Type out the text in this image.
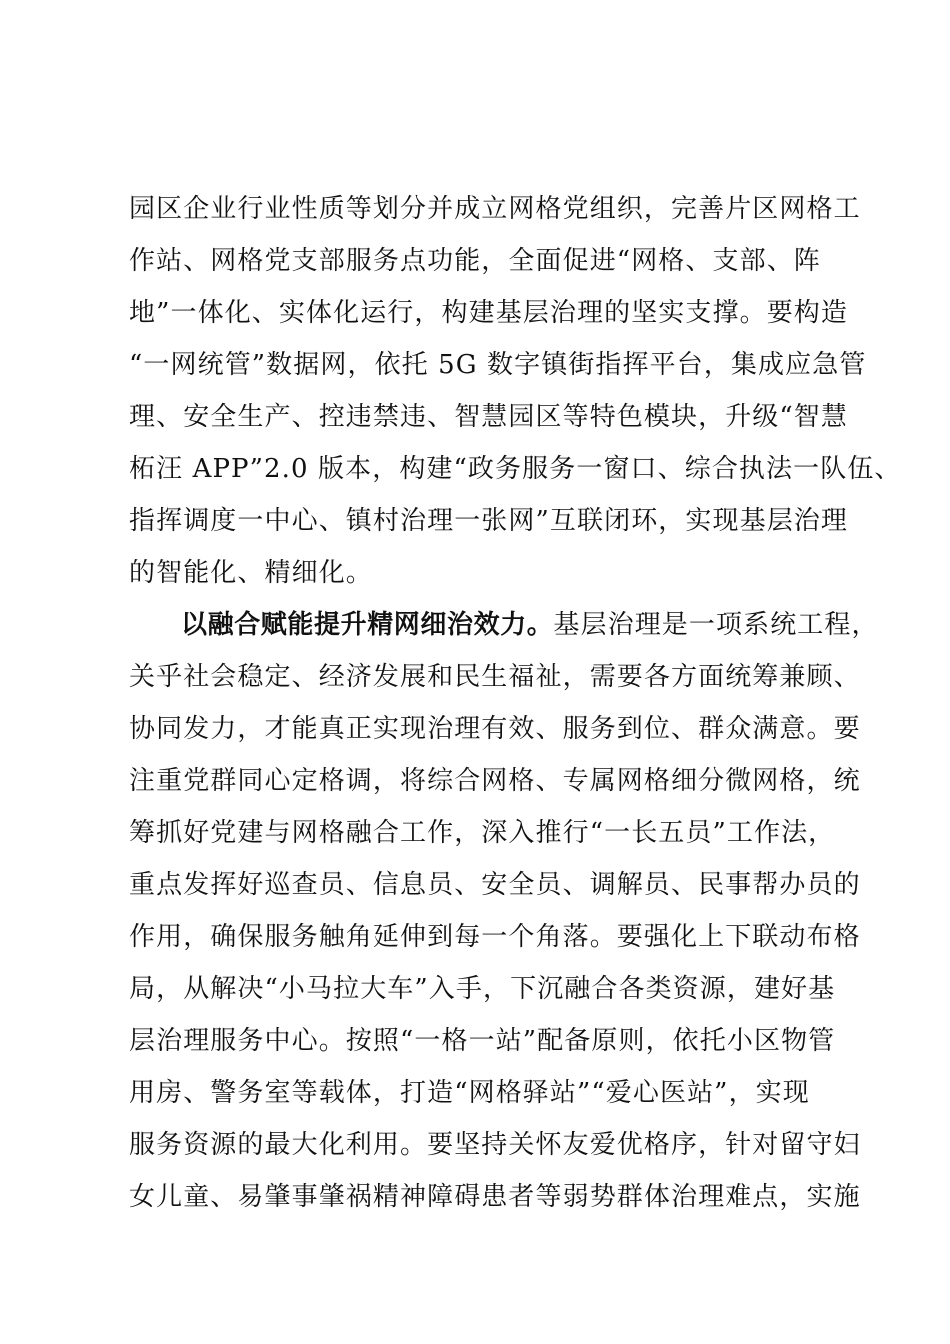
园区企业行业性质等划分并成立网格党组织，完善片区网格工
作站、网格党支部服务点功能，全面促进“网格、支部、阵
地”一体化、实体化运行，构建基层治理的坚实支撑。要构造
“一网统管”数据网，依托 5G 数字镇街指挥平台，集成应急管
理、安全生产、控违禁违、智慧园区等特色模块，升级“智慧
柘汪 APP”2.0 版本，构建“政务服务一窗口、综合执法一队伍、
指挥调度一中心、镇村治理一张网”互联闭环，实现基层治理
的智能化、精细化。
以融合赋能提升精网细治效力。基层治理是一项系统工程，
关乎社会稳定、经济发展和民生福祉，需要各方面统筹兼顾、
协同发力，才能真正实现治理有效、服务到位、群众满意。要
注重党群同心定格调，将综合网格、专属网格细分微网格，统
筹抓好党建与网格融合工作，深入推行“一长五员”工作法，
重点发挥好巡查员、信息员、安全员、调解员、民事帮办员的
作用，确保服务触角延伸到每一个角落。要强化上下联动布格
局，从解决“小马拉大车”入手，下沉融合各类资源，建好基
层治理服务中心。按照“一格一站”配备原则，依托小区物管
用房、警务室等载体，打造“网格驿站”“爱心医站”，实现
服务资源的最大化利用。要坚持关怀友爱优格序，针对留守妇
女儿童、易肇事肇祸精神障碍患者等弱势群体治理难点，实施
